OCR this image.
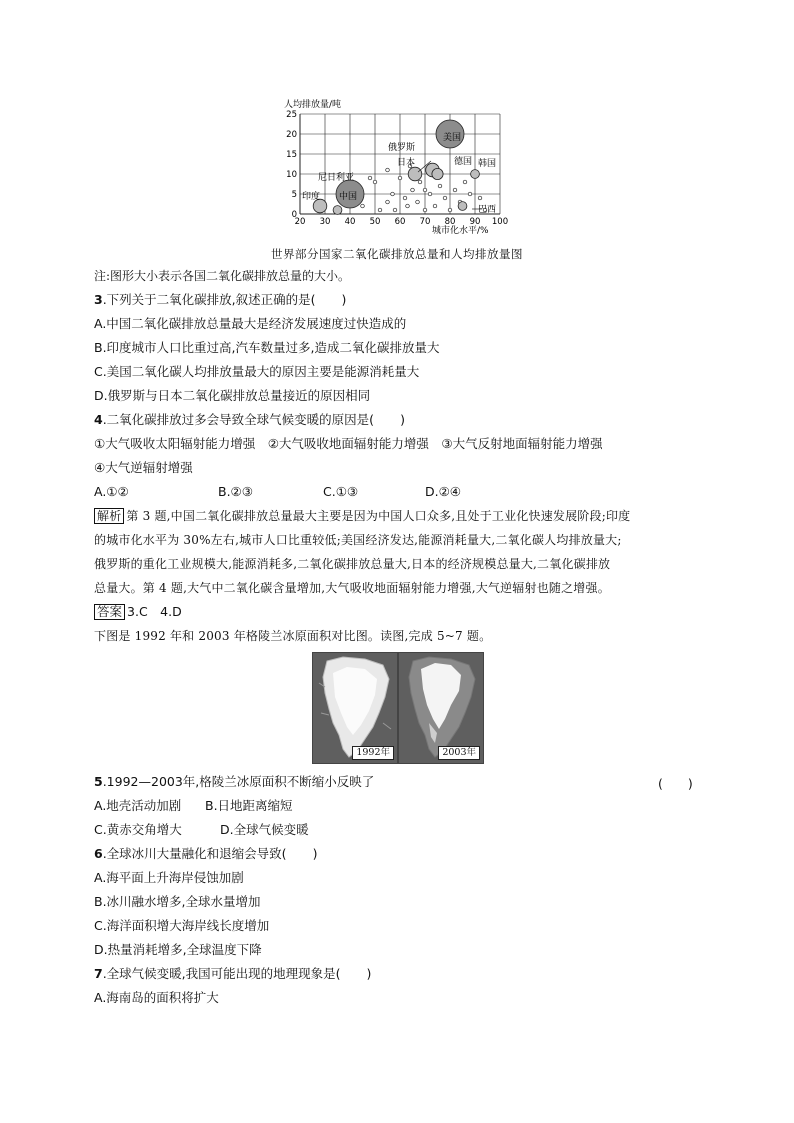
人均排放量/吨
25
20
15
10
5
0
20 30 40 50 60 70 80 90 100
美国
俄罗斯
日本	德国 韩国
尼日利亚
印度 中国
巴西
城市化水平/%
世界部分国家二氧化碳排放总量和人均排放量图
注:图形大小表示各国二氧化碳排放总量的大小。
3.下列关于二氧化碳排放,叙述正确的是( )
A.中国二氧化碳排放总量最大是经济发展速度过快造成的
B.印度城市人口比重过高,汽车数量过多,造成二氧化碳排放量大
C.美国二氧化碳人均排放量最大的原因主要是能源消耗量大
D.俄罗斯与日本二氧化碳排放总量接近的原因相同
4.二氧化碳排放过多会导致全球气候变暖的原因是( )
①大气吸收太阳辐射能力增强　②大气吸收地面辐射能力增强　③大气反射地面辐射能力增强
④大气逆辐射增强
A.①②	B.②③	C.①③	D.②④
解析 第 3 题,中国二氧化碳排放总量最大主要是因为中国人口众多,且处于工业化快速发展阶段;印度
的城市化水平为 30%左右,城市人口比重较低;美国经济发达,能源消耗量大,二氧化碳人均排放量大;
俄罗斯的重化工业规模大,能源消耗多,二氧化碳排放总量大,日本的经济规模总量大,二氧化碳排放
总量大。第 4 题,大气中二氧化碳含量增加,大气吸收地面辐射能力增强,大气逆辐射也随之增强。
答案 3.C　4.D
下图是 1992 年和 2003 年格陵兰冰原面积对比图。读图,完成 5~7 题。
1992年	2003年
5.1992—2003年,格陵兰冰原面积不断缩小反映了	(　　)
A.地壳活动加剧 B.日地距离缩短
C.黄赤交角增大	D.全球气候变暖
6.全球冰川大量融化和退缩会导致( )
A.海平面上升海岸侵蚀加剧
B.冰川融水增多,全球水量增加
C.海洋面积增大海岸线长度增加
D.热量消耗增多,全球温度下降
7.全球气候变暖,我国可能出现的地理现象是( )
A.海南岛的面积将扩大
